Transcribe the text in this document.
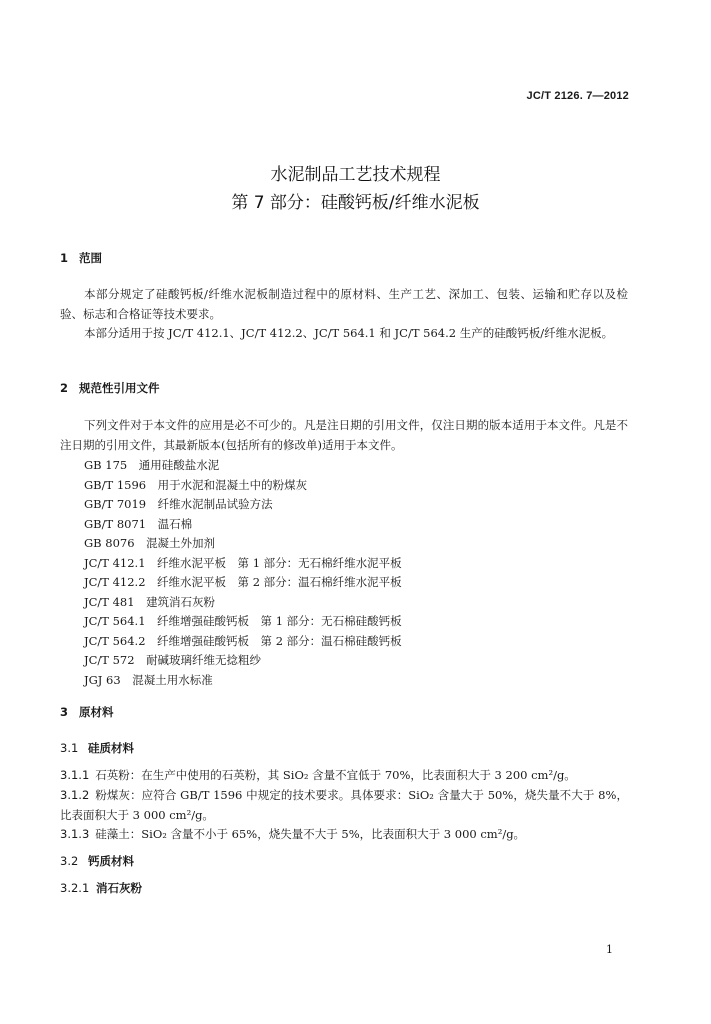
JC/T 2126. 7—2012
水泥制品工艺技术规程
第 7 部分：硅酸钙板/纤维水泥板
1 范围
本部分规定了硅酸钙板/纤维水泥板制造过程中的原材料、生产工艺、深加工、包装、运输和贮存以及检验、标志和合格证等技术要求。
本部分适用于按 JC/T 412.1、JC/T 412.2、JC/T 564.1 和 JC/T 564.2 生产的硅酸钙板/纤维水泥板。
2 规范性引用文件
下列文件对于本文件的应用是必不可少的。凡是注日期的引用文件，仅注日期的版本适用于本文件。凡是不注日期的引用文件，其最新版本(包括所有的修改单)适用于本文件。
GB 175　 通用硅酸盐水泥
GB/T 1596　 用于水泥和混凝土中的粉煤灰
GB/T 7019　 纤维水泥制品试验方法
GB/T 8071　 温石棉
GB 8076　 混凝土外加剂
JC/T 412.1　 纤维水泥平板　第 1 部分：无石棉纤维水泥平板
JC/T 412.2　 纤维水泥平板　第 2 部分：温石棉纤维水泥平板
JC/T 481　 建筑消石灰粉
JC/T 564.1　 纤维增强硅酸钙板　第 1 部分：无石棉硅酸钙板
JC/T 564.2　 纤维增强硅酸钙板　第 2 部分：温石棉硅酸钙板
JC/T 572　 耐碱玻璃纤维无捻粗纱
JGJ 63　 混凝土用水标准
3 原材料
3.1 硅质材料
3.1.1 石英粉：在生产中使用的石英粉，其 SiO₂ 含量不宜低于 70%，比表面积大于 3 200 cm²/g。
3.1.2 粉煤灰：应符合 GB/T 1596 中规定的技术要求。具体要求：SiO₂ 含量大于 50%，烧失量不大于 8%，比表面积大于 3 000 cm²/g。
3.1.3 硅藻土：SiO₂ 含量不小于 65%，烧失量不大于 5%，比表面积大于 3 000 cm²/g。
3.2 钙质材料
3.2.1 消石灰粉
1
